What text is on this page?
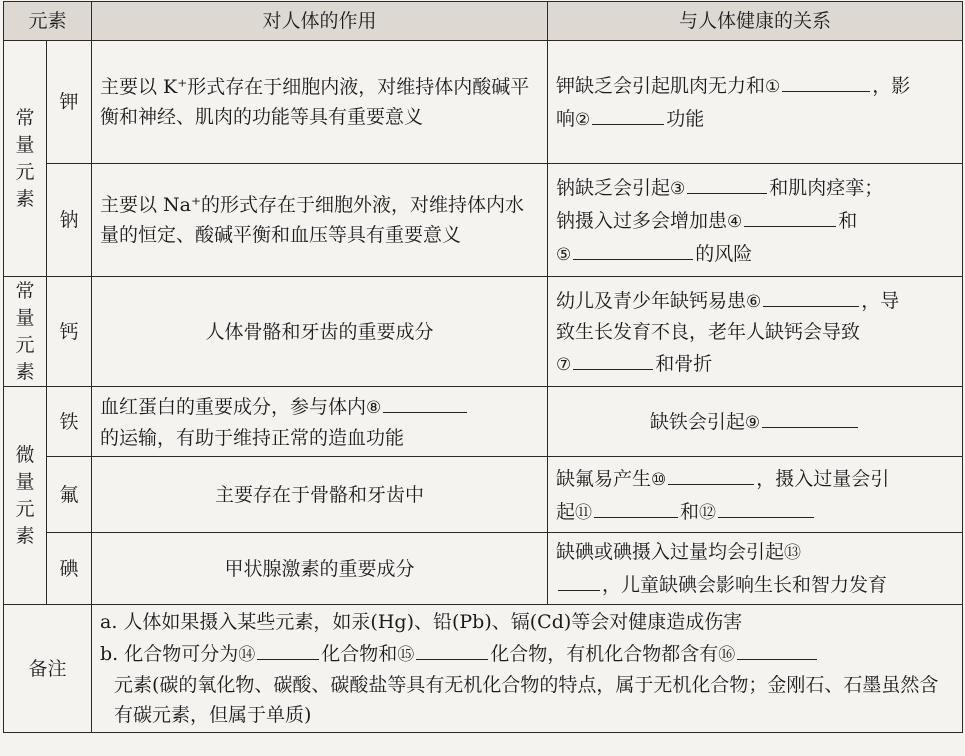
元素		对人体的作用	与人体健康的关系

常量元素	钾	主要以 K⁺形式存在于细胞内液，对维持体内酸碱平衡和神经、肌肉的功能等具有重要意义	钾缺乏会引起肌肉无力和① ，影
响② 功能
	钠	主要以 Na⁺的形式存在于细胞外液，对维持体内水量的恒定、酸碱平衡和血压等具有重要意义	钠缺乏会引起③ 和肌肉痉挛；
钠摄入过多会增加患④ 和
⑤ 的风险

常量元素	钙	人体骨骼和牙齿的重要成分	幼儿及青少年缺钙易患⑥ ，导
致生长发育不良，老年人缺钙会导致
⑦ 和骨折

微量元素	铁	血红蛋白的重要成分，参与体内⑧
的运输，有助于维持正常的造血功能	缺铁会引起⑨
	氟	主要存在于骨骼和牙齿中	缺氟易产生⑩ ，摄入过量会引
起⑪ 和⑫
	碘	甲状腺激素的重要成分	缺碘或碘摄入过量均会引起⑬
，儿童缺碘会影响生长和智力发育
备注		a. 人体如果摄入某些元素，如汞(Hg)、铅(Pb)、镉(Cd)等会对健康造成伤害
b. 化合物可分为⑭ 化合物和⑮ 化合物，有机化合物都含有⑯
元素(碳的氧化物、碳酸、碳酸盐等具有无机化合物的特点，属于无机化合物；金刚石、石墨虽然含有碳元素，但属于单质)	
